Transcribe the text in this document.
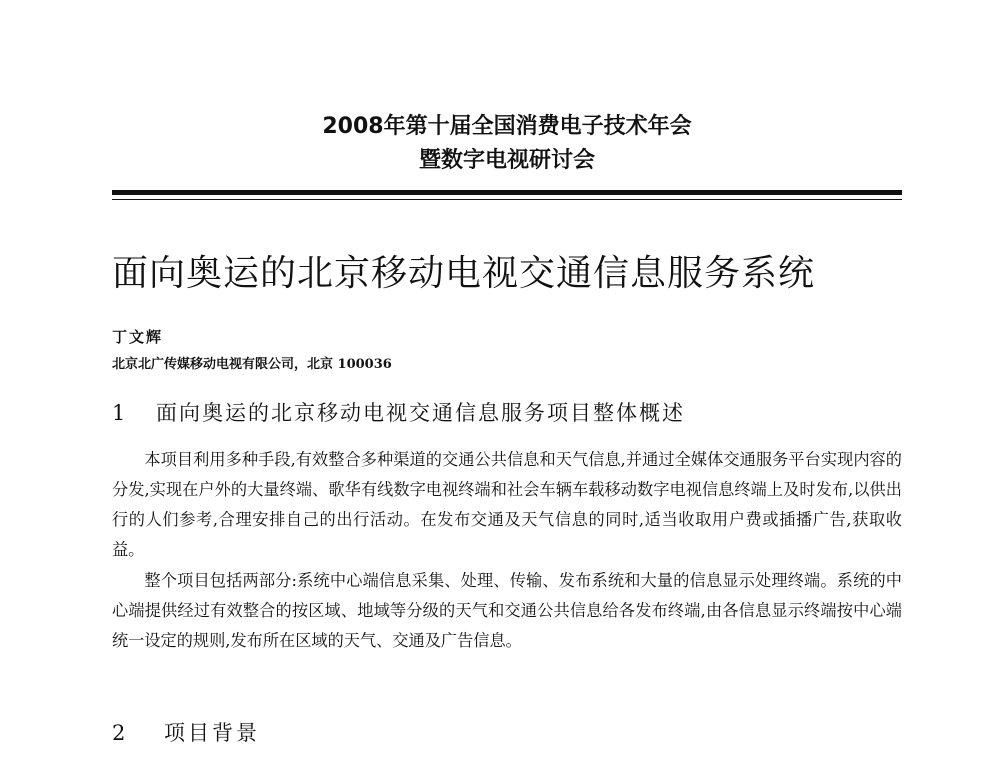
2008年第十届全国消费电子技术年会
暨数字电视研讨会
面向奥运的北京移动电视交通信息服务系统
丁文辉
北京北广传媒移动电视有限公司，北京 100036
1 面向奥运的北京移动电视交通信息服务项目整体概述

本项目利用多种手段,有效整合多种渠道的交通公共信息和天气信息,并通过全媒体交通服务平台实现内容的分发,实现在户外的大量终端、歌华有线数字电视终端和社会车辆车载移动数字电视信息终端上及时发布,以供出行的人们参考,合理安排自己的出行活动。在发布交通及天气信息的同时,适当收取用户费或插播广告,获取收益。

整个项目包括两部分:系统中心端信息采集、处理、传输、发布系统和大量的信息显示处理终端。系统的中心端提供经过有效整合的按区域、地域等分级的天气和交通公共信息给各发布终端,由各信息显示终端按中心端统一设定的规则,发布所在区域的天气、交通及广告信息。

2 项目背景
